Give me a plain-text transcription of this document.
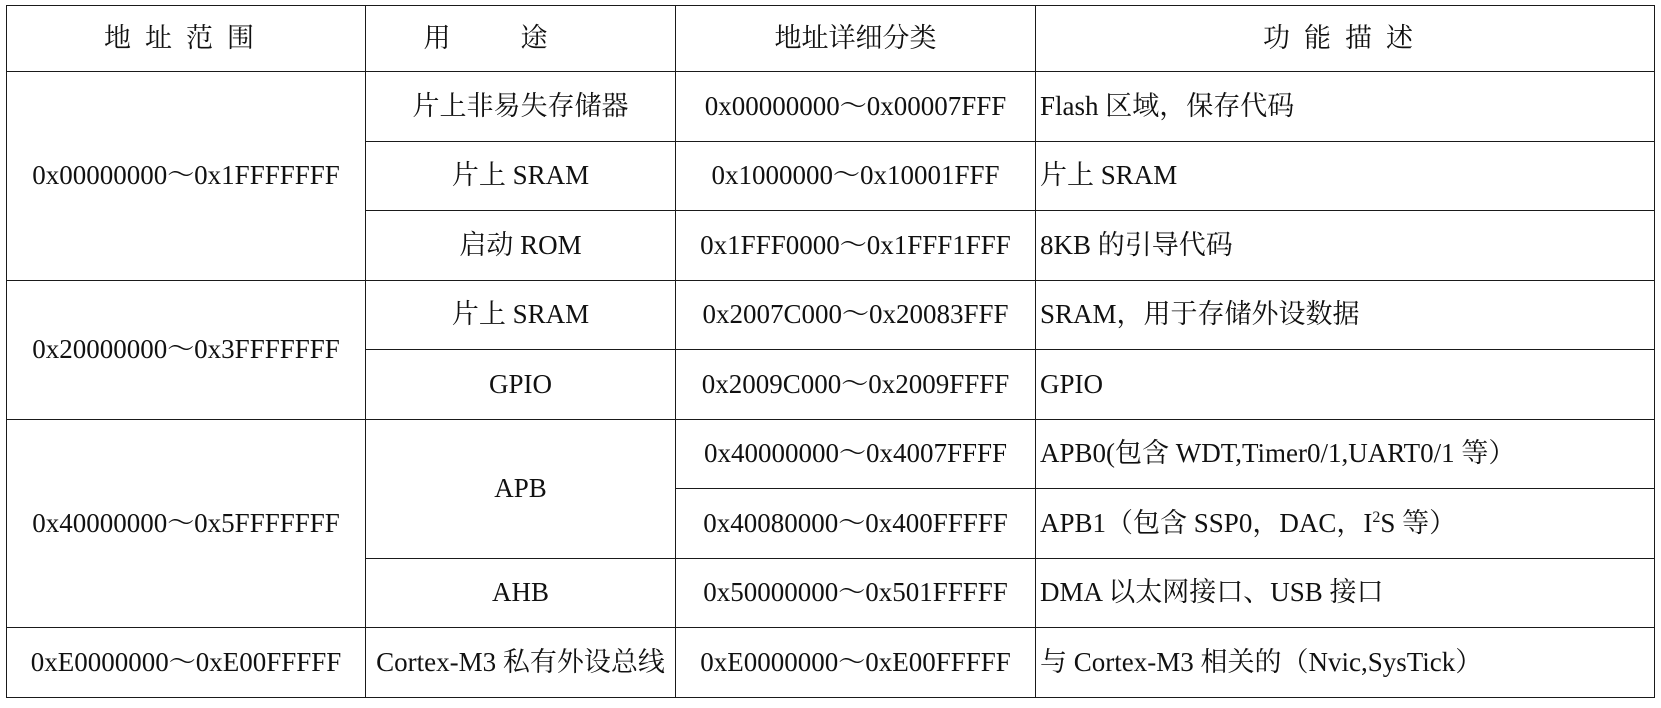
地址范围	用途	地址详细分类	功能描述
0x00000000～0x1FFFFFFF	片上非易失存储器	0x00000000～0x00007FFF	Flash 区域，保存代码
	片上 SRAM	0x1000000～0x10001FFF	片上 SRAM
	启动 ROM	0x1FFF0000～0x1FFF1FFF	8KB 的引导代码
0x20000000～0x3FFFFFFF	片上 SRAM	0x2007C000～0x20083FFF	SRAM，用于存储外设数据
	GPIO	0x2009C000～0x2009FFFF	GPIO
0x40000000～0x5FFFFFFF	APB	0x40000000～0x4007FFFF	APB0(包含 WDT,Timer0/1,UART0/1 等）
		0x40080000～0x400FFFFF	APB1（包含 SSP0，DAC，$I^2S$ 等）
	AHB	0x50000000～0x501FFFFF	DMA 以太网接口、USB 接口
0xE0000000～0xE00FFFFF	Cortex-M3 私有外设总线	0xE0000000～0xE00FFFFF	与 Cortex-M3 相关的（Nvic,SysTick）
